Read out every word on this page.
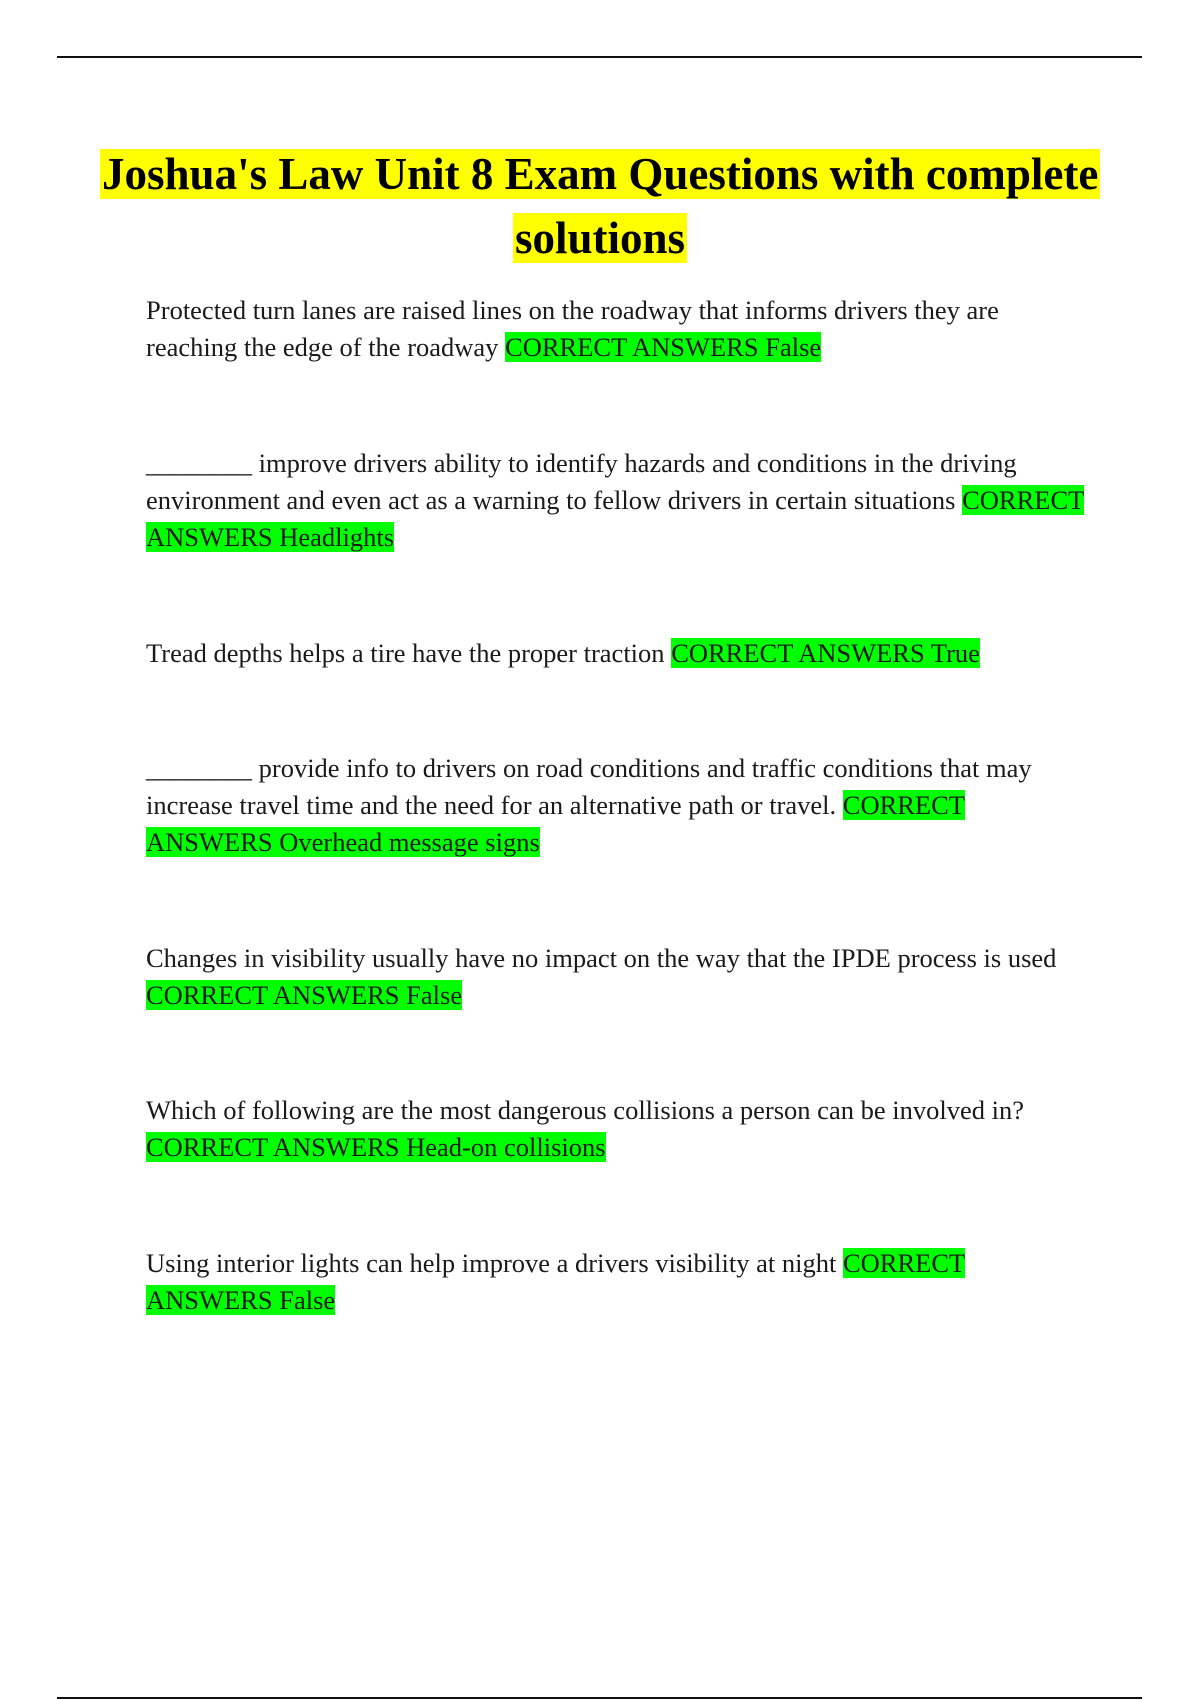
Joshua's Law Unit 8 Exam Questions with complete solutions

Protected turn lanes are raised lines on the roadway that informs drivers they are reaching the edge of the roadway CORRECT ANSWERS False

________ improve drivers ability to identify hazards and conditions in the driving environment and even act as a warning to fellow drivers in certain situations CORRECT ANSWERS Headlights

Tread depths helps a tire have the proper traction CORRECT ANSWERS True

________ provide info to drivers on road conditions and traffic conditions that may increase travel time and the need for an alternative path or travel. CORRECT ANSWERS Overhead message signs

Changes in visibility usually have no impact on the way that the IPDE process is used CORRECT ANSWERS False

Which of following are the most dangerous collisions a person can be involved in? CORRECT ANSWERS Head-on collisions

Using interior lights can help improve a drivers visibility at night CORRECT ANSWERS False
